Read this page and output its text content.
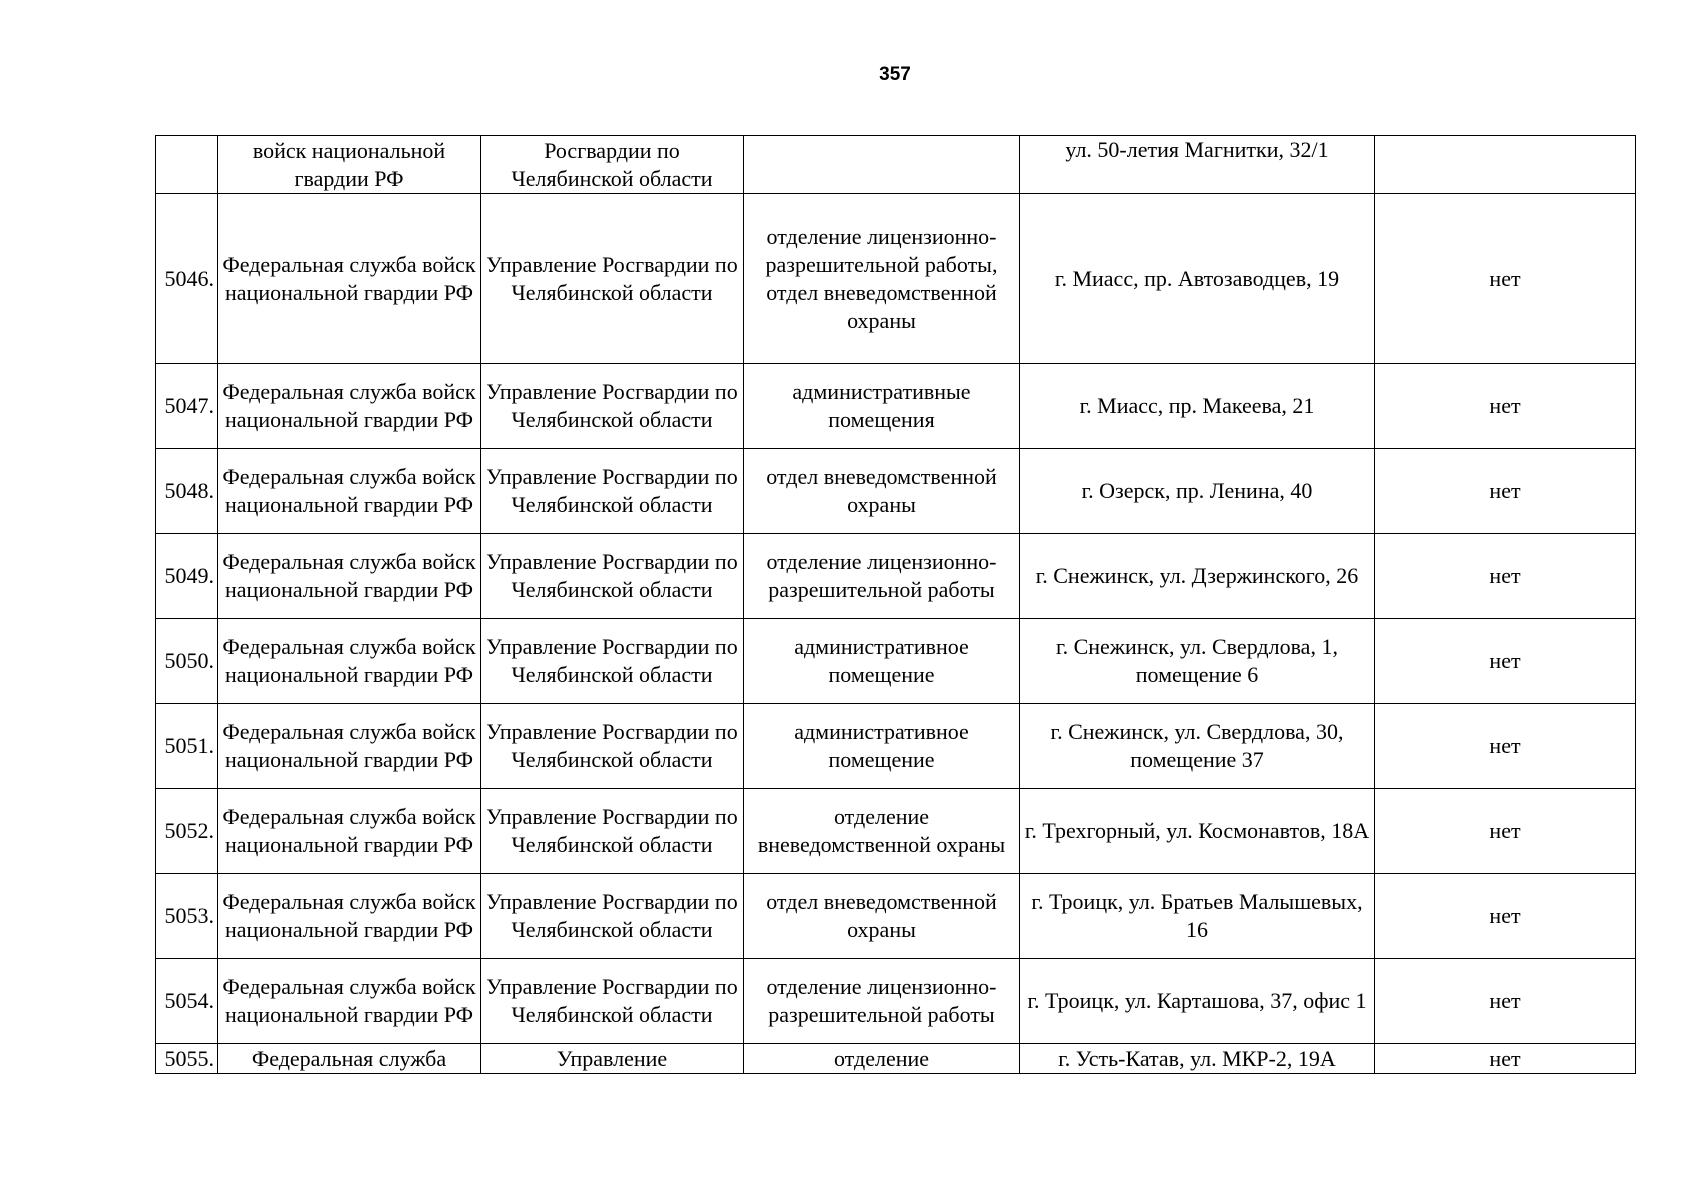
357
	войск национальной гвардии РФ	Росгвардии по Челябинской области		ул. 50-летия Магнитки, 32/1	
5046.	Федеральная служба войск национальной гвардии РФ	Управление Росгвардии по Челябинской области	отделение лицензионно-разрешительной работы, отдел вневедомственной охраны	г. Миасс, пр. Автозаводцев, 19	нет
5047.	Федеральная служба войск национальной гвардии РФ	Управление Росгвардии по Челябинской области	административные помещения	г. Миасс, пр. Макеева, 21	нет
5048.	Федеральная служба войск национальной гвардии РФ	Управление Росгвардии по Челябинской области	отдел вневедомственной охраны	г. Озерск, пр. Ленина, 40	нет
5049.	Федеральная служба войск национальной гвардии РФ	Управление Росгвардии по Челябинской области	отделение лицензионно-разрешительной работы	г. Снежинск, ул. Дзержинского, 26	нет
5050.	Федеральная служба войск национальной гвардии РФ	Управление Росгвардии по Челябинской области	административное помещение	г. Снежинск, ул. Свердлова, 1, помещение 6	нет
5051.	Федеральная служба войск национальной гвардии РФ	Управление Росгвардии по Челябинской области	административное помещение	г. Снежинск, ул. Свердлова, 30, помещение 37	нет
5052.	Федеральная служба войск национальной гвардии РФ	Управление Росгвардии по Челябинской области	отделение вневедомственной охраны	г. Трехгорный, ул. Космонавтов, 18А	нет
5053.	Федеральная служба войск национальной гвардии РФ	Управление Росгвардии по Челябинской области	отдел вневедомственной охраны	г. Троицк, ул. Братьев Малышевых, 16	нет
5054.	Федеральная служба войск национальной гвардии РФ	Управление Росгвардии по Челябинской области	отделение лицензионно-разрешительной работы	г. Троицк, ул. Карташова, 37, офис 1	нет
5055.	Федеральная служба	Управление	отделение	г. Усть-Катав, ул. МКР-2, 19А	нет
